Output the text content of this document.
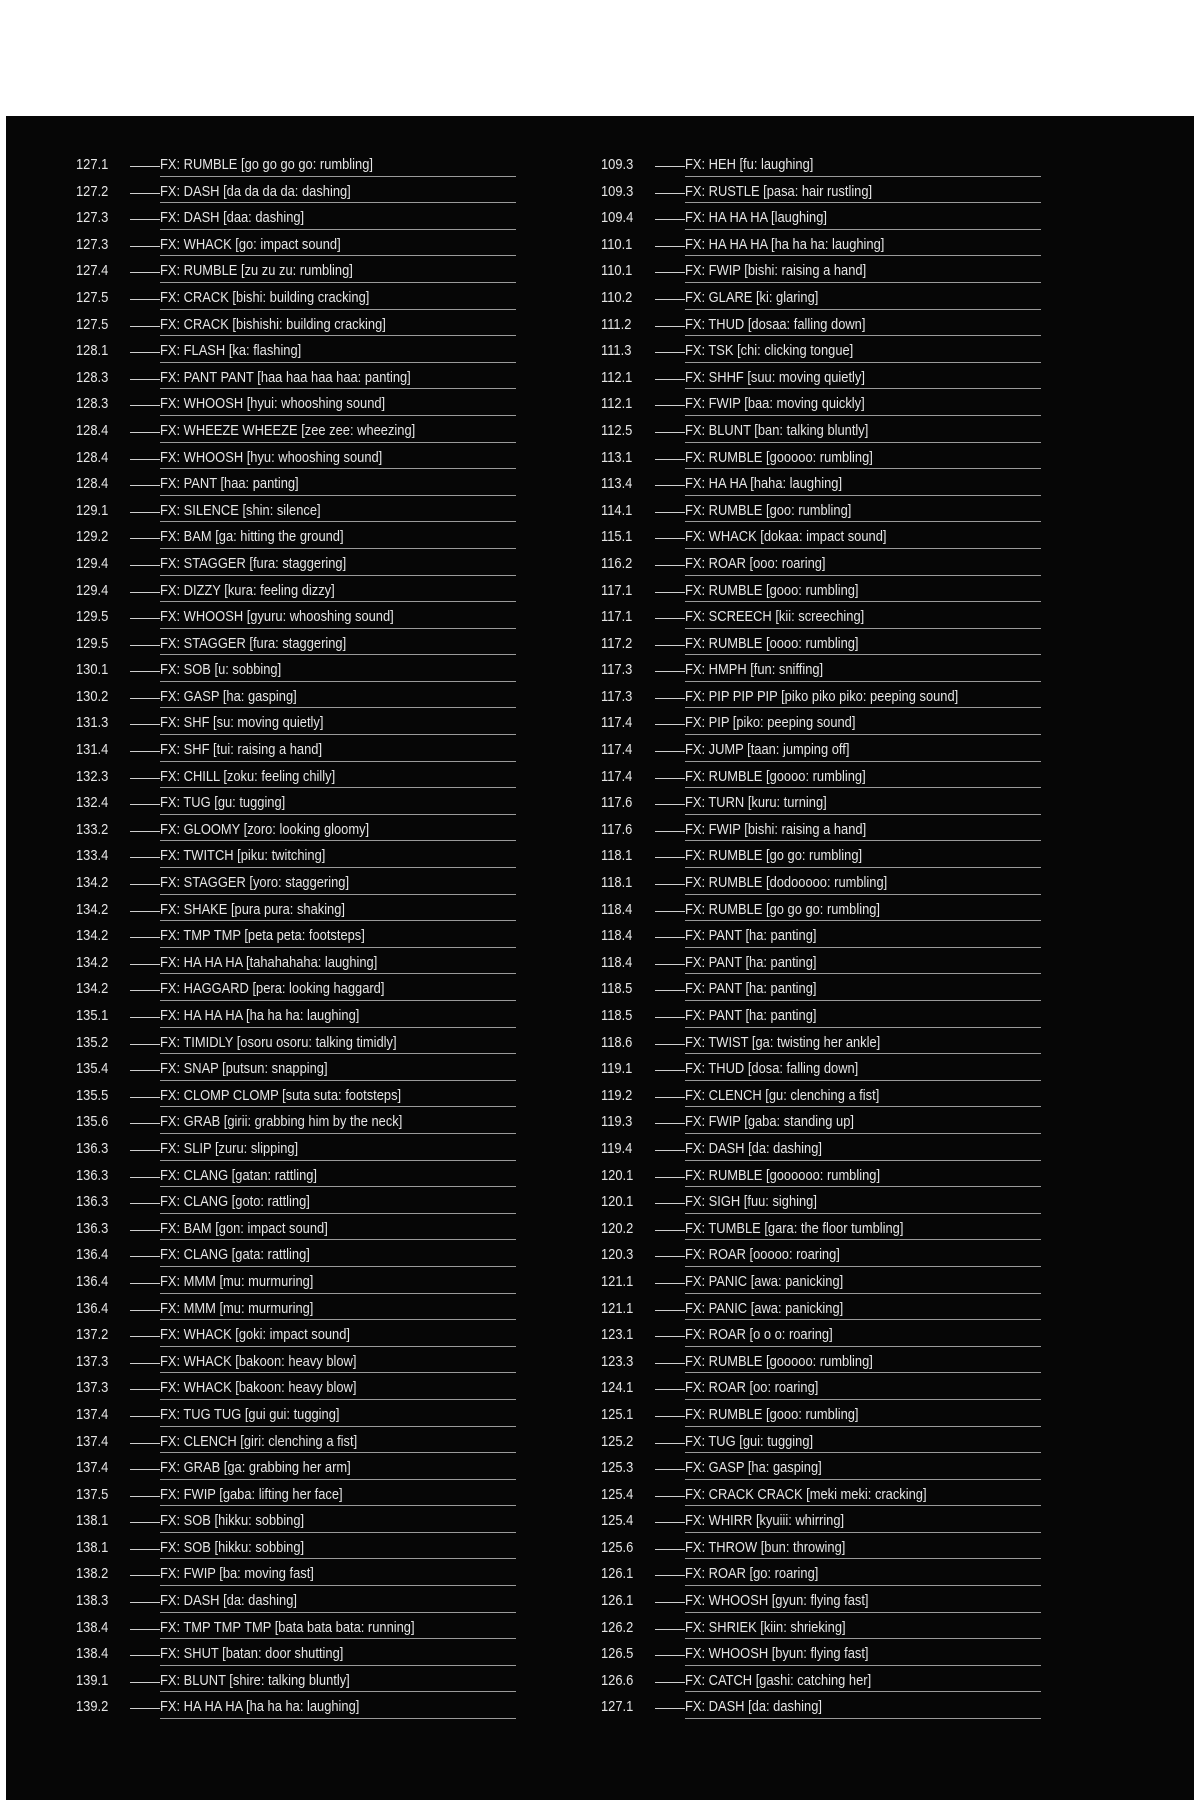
127.1	FX: RUMBLE [go go go go: rumbling]
127.2	FX: DASH [da da da da: dashing]
127.3	FX: DASH [daa: dashing]
127.3	FX: WHACK [go: impact sound]
127.4	FX: RUMBLE [zu zu zu: rumbling]
127.5	FX: CRACK [bishi: building cracking]
127.5	FX: CRACK [bishishi: building cracking]
128.1	FX: FLASH [ka: flashing]
128.3	FX: PANT PANT [haa haa haa haa: panting]
128.3	FX: WHOOSH [hyui: whooshing sound]
128.4	FX: WHEEZE WHEEZE [zee zee: wheezing]
128.4	FX: WHOOSH [hyu: whooshing sound]
128.4	FX: PANT [haa: panting]
129.1	FX: SILENCE [shin: silence]
129.2	FX: BAM [ga: hitting the ground]
129.4	FX: STAGGER [fura: staggering]
129.4	FX: DIZZY [kura: feeling dizzy]
129.5	FX: WHOOSH [gyuru: whooshing sound]
129.5	FX: STAGGER [fura: staggering]
130.1	FX: SOB [u: sobbing]
130.2	FX: GASP [ha: gasping]
131.3	FX: SHF [su: moving quietly]
131.4	FX: SHF [tui: raising a hand]
132.3	FX: CHILL [zoku: feeling chilly]
132.4	FX: TUG [gu: tugging]
133.2	FX: GLOOMY [zoro: looking gloomy]
133.4	FX: TWITCH [piku: twitching]
134.2	FX: STAGGER [yoro: staggering]
134.2	FX: SHAKE [pura pura: shaking]
134.2	FX: TMP TMP [peta peta: footsteps]
134.2	FX: HA HA HA [tahahahaha: laughing]
134.2	FX: HAGGARD [pera: looking haggard]
135.1	FX: HA HA HA [ha ha ha: laughing]
135.2	FX: TIMIDLY [osoru osoru: talking timidly]
135.4	FX: SNAP [putsun: snapping]
135.5	FX: CLOMP CLOMP [suta suta: footsteps]
135.6	FX: GRAB [girii: grabbing him by the neck]
136.3	FX: SLIP [zuru: slipping]
136.3	FX: CLANG [gatan: rattling]
136.3	FX: CLANG [goto: rattling]
136.3	FX: BAM [gon: impact sound]
136.4	FX: CLANG [gata: rattling]
136.4	FX: MMM [mu: murmuring]
136.4	FX: MMM [mu: murmuring]
137.2	FX: WHACK [goki: impact sound]
137.3	FX: WHACK [bakoon: heavy blow]
137.3	FX: WHACK [bakoon: heavy blow]
137.4	FX: TUG TUG [gui gui: tugging]
137.4	FX: CLENCH [giri: clenching a fist]
137.4	FX: GRAB [ga: grabbing her arm]
137.5	FX: FWIP [gaba: lifting her face]
138.1	FX: SOB [hikku: sobbing]
138.1	FX: SOB [hikku: sobbing]
138.2	FX: FWIP [ba: moving fast]
138.3	FX: DASH [da: dashing]
138.4	FX: TMP TMP TMP [bata bata bata: running]
138.4	FX: SHUT [batan: door shutting]
139.1	FX: BLUNT [shire: talking bluntly]
139.2	FX: HA HA HA [ha ha ha: laughing]
109.3	FX: HEH [fu: laughing]
109.3	FX: RUSTLE [pasa: hair rustling]
109.4	FX: HA HA HA [laughing]
110.1	FX: HA HA HA [ha ha ha: laughing]
110.1	FX: FWIP [bishi: raising a hand]
110.2	FX: GLARE [ki: glaring]
111.2	FX: THUD [dosaa: falling down]
111.3	FX: TSK [chi: clicking tongue]
112.1	FX: SHHF [suu: moving quietly]
112.1	FX: FWIP [baa: moving quickly]
112.5	FX: BLUNT [ban: talking bluntly]
113.1	FX: RUMBLE [gooooo: rumbling]
113.4	FX: HA HA [haha: laughing]
114.1	FX: RUMBLE [goo: rumbling]
115.1	FX: WHACK [dokaa: impact sound]
116.2	FX: ROAR [ooo: roaring]
117.1	FX: RUMBLE [gooo: rumbling]
117.1	FX: SCREECH [kii: screeching]
117.2	FX: RUMBLE [oooo: rumbling]
117.3	FX: HMPH [fun: sniffing]
117.3	FX: PIP PIP PIP [piko piko piko: peeping sound]
117.4	FX: PIP [piko: peeping sound]
117.4	FX: JUMP [taan: jumping off]
117.4	FX: RUMBLE [goooo: rumbling]
117.6	FX: TURN [kuru: turning]
117.6	FX: FWIP [bishi: raising a hand]
118.1	FX: RUMBLE [go go: rumbling]
118.1	FX: RUMBLE [dodooooo: rumbling]
118.4	FX: RUMBLE [go go go: rumbling]
118.4	FX: PANT [ha: panting]
118.4	FX: PANT [ha: panting]
118.5	FX: PANT [ha: panting]
118.5	FX: PANT [ha: panting]
118.6	FX: TWIST [ga: twisting her ankle]
119.1	FX: THUD [dosa: falling down]
119.2	FX: CLENCH [gu: clenching a fist]
119.3	FX: FWIP [gaba: standing up]
119.4	FX: DASH [da: dashing]
120.1	FX: RUMBLE [goooooo: rumbling]
120.1	FX: SIGH [fuu: sighing]
120.2	FX: TUMBLE [gara: the floor tumbling]
120.3	FX: ROAR [ooooo: roaring]
121.1	FX: PANIC [awa: panicking]
121.1	FX: PANIC [awa: panicking]
123.1	FX: ROAR [o o o: roaring]
123.3	FX: RUMBLE [gooooo: rumbling]
124.1	FX: ROAR [oo: roaring]
125.1	FX: RUMBLE [gooo: rumbling]
125.2	FX: TUG [gui: tugging]
125.3	FX: GASP [ha: gasping]
125.4	FX: CRACK CRACK [meki meki: cracking]
125.4	FX: WHIRR [kyuiii: whirring]
125.6	FX: THROW [bun: throwing]
126.1	FX: ROAR [go: roaring]
126.1	FX: WHOOSH [gyun: flying fast]
126.2	FX: SHRIEK [kiin: shrieking]
126.5	FX: WHOOSH [byun: flying fast]
126.6	FX: CATCH [gashi: catching her]
127.1	FX: DASH [da: dashing]
